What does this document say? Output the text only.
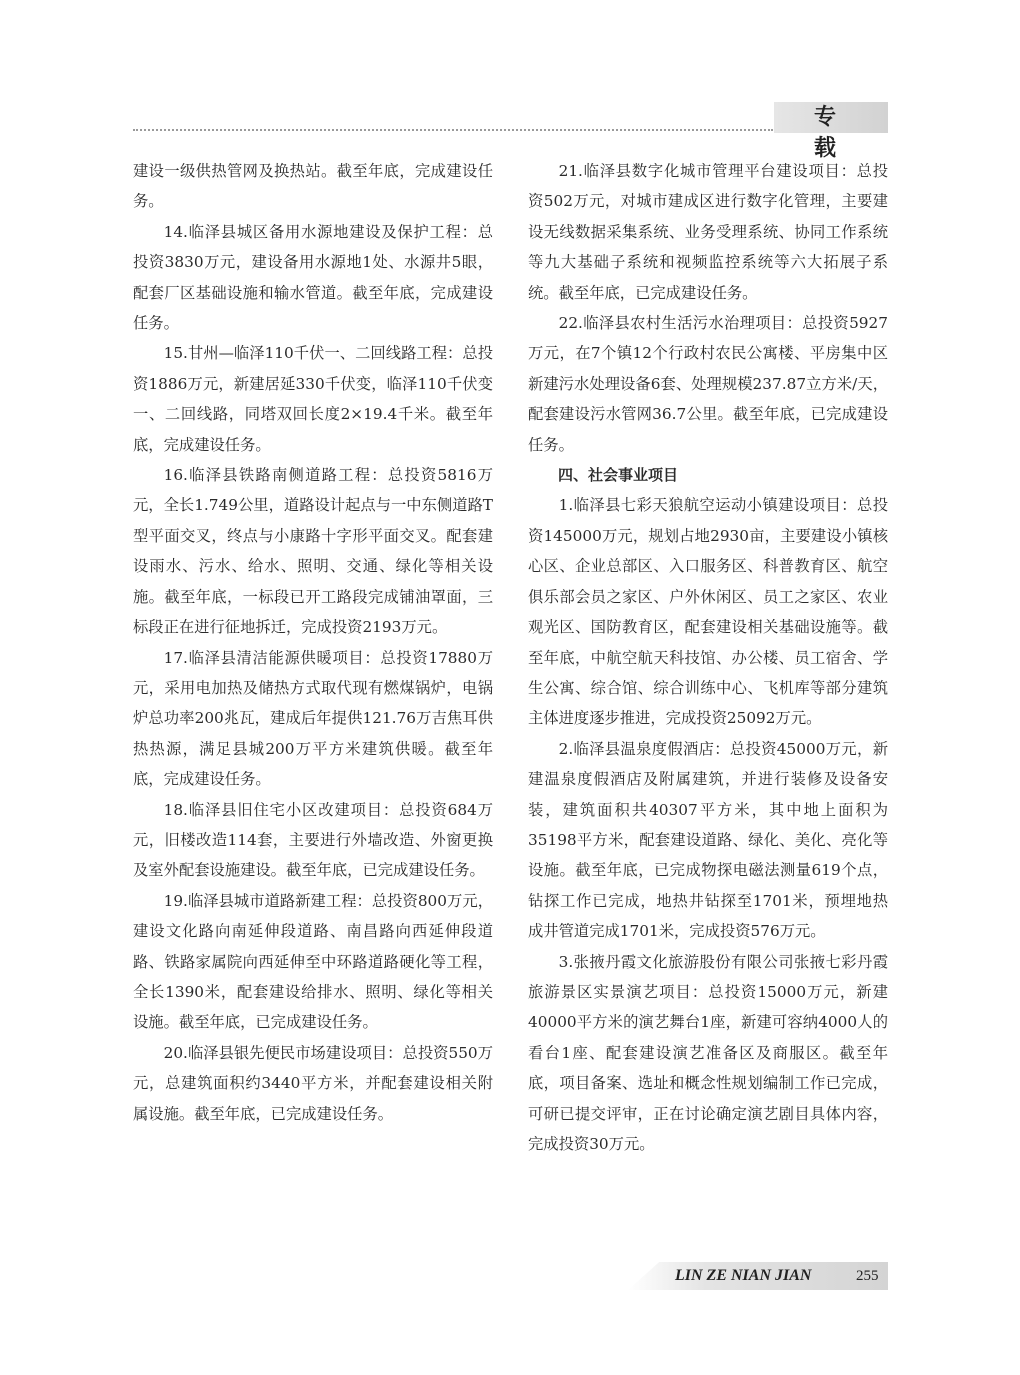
专 载

建设一级供热管网及换热站。截至年底，完成建设任务。

14.临泽县城区备用水源地建设及保护工程：总投资3830万元，建设备用水源地1处、水源井5眼，配套厂区基础设施和输水管道。截至年底，完成建设任务。

15.甘州—临泽110千伏一、二回线路工程：总投资1886万元，新建居延330千伏变，临泽110千伏变一、二回线路，同塔双回长度2×19.4千米。截至年底，完成建设任务。

16.临泽县铁路南侧道路工程：总投资5816万元，全长1.749公里，道路设计起点与一中东侧道路T型平面交叉，终点与小康路十字形平面交叉。配套建设雨水、污水、给水、照明、交通、绿化等相关设施。截至年底，一标段已开工路段完成铺油罩面，三标段正在进行征地拆迁，完成投资2193万元。

17.临泽县清洁能源供暖项目：总投资17880万元，采用电加热及储热方式取代现有燃煤锅炉，电锅炉总功率200兆瓦，建成后年提供121.76万吉焦耳供热热源，满足县城200万平方米建筑供暖。截至年底，完成建设任务。

18.临泽县旧住宅小区改建项目：总投资684万元，旧楼改造114套，主要进行外墙改造、外窗更换及室外配套设施建设。截至年底，已完成建设任务。

19.临泽县城市道路新建工程：总投资800万元，建设文化路向南延伸段道路、南昌路向西延伸段道路、铁路家属院向西延伸至中环路道路硬化等工程，全长1390米，配套建设给排水、照明、绿化等相关设施。截至年底，已完成建设任务。

20.临泽县银先便民市场建设项目：总投资550万元，总建筑面积约3440平方米，并配套建设相关附属设施。截至年底，已完成建设任务。

21.临泽县数字化城市管理平台建设项目：总投资502万元，对城市建成区进行数字化管理，主要建设无线数据采集系统、业务受理系统、协同工作系统等九大基础子系统和视频监控系统等六大拓展子系统。截至年底，已完成建设任务。

22.临泽县农村生活污水治理项目：总投资5927万元，在7个镇12个行政村农民公寓楼、平房集中区新建污水处理设备6套、处理规模237.87立方米/天，配套建设污水管网36.7公里。截至年底，已完成建设任务。

四、社会事业项目

1.临泽县七彩天狼航空运动小镇建设项目：总投资145000万元，规划占地2930亩，主要建设小镇核心区、企业总部区、入口服务区、科普教育区、航空俱乐部会员之家区、户外休闲区、员工之家区、农业观光区、国防教育区，配套建设相关基础设施等。截至年底，中航空航天科技馆、办公楼、员工宿舍、学生公寓、综合馆、综合训练中心、飞机库等部分建筑主体进度逐步推进，完成投资25092万元。

2.临泽县温泉度假酒店：总投资45000万元，新建温泉度假酒店及附属建筑，并进行装修及设备安装，建筑面积共40307平方米，其中地上面积为35198平方米，配套建设道路、绿化、美化、亮化等设施。截至年底，已完成物探电磁法测量619个点，钻探工作已完成，地热井钻探至1701米，预埋地热成井管道完成1701米，完成投资576万元。

3.张掖丹霞文化旅游股份有限公司张掖七彩丹霞旅游景区实景演艺项目：总投资15000万元，新建40000平方米的演艺舞台1座，新建可容纳4000人的看台1座、配套建设演艺准备区及商服区。截至年底，项目备案、选址和概念性规划编制工作已完成，可研已提交评审，正在讨论确定演艺剧目具体内容，完成投资30万元。

LIN ZE NIAN JIAN	255
